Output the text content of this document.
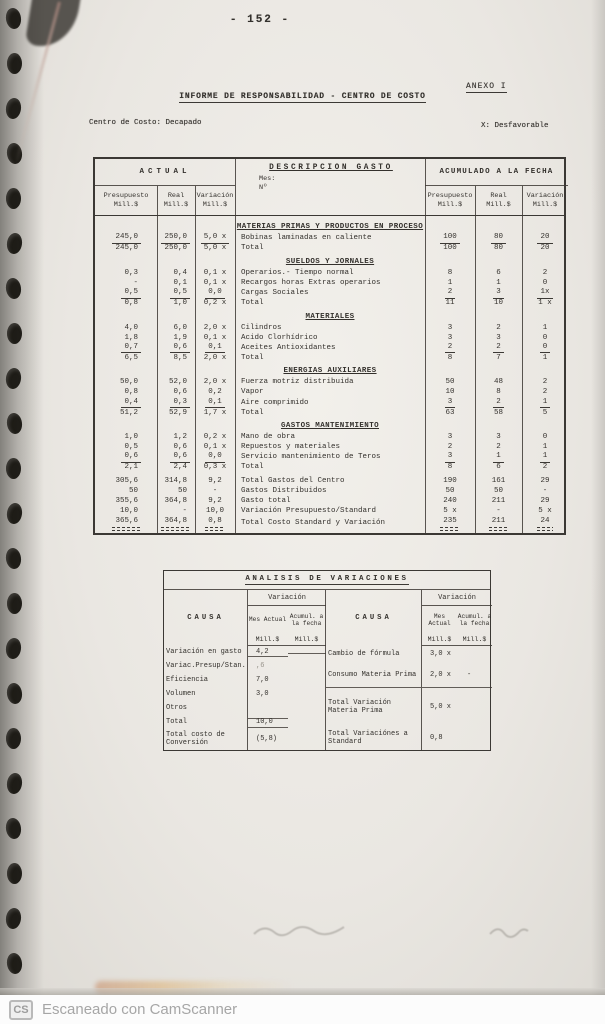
- 152 -
ANEXO I
INFORME DE RESPONSABILIDAD - CENTRO DE COSTO
Centro de Costo: Decapado	X: Desfavorable
ACTUAL
Presupuesto
Mill.$
Real
Mill.$
Variación
Mill.$
DESCRIPCION GASTO
Mes:
Nº
ACUMULADO A LA FECHA
Presupuesto
Mill.$
Real
Mill.$
Variación
Mill.$
MATERIAS PRIMAS Y PRODUCTOS EN PROCESO
245,0	250,0	5,0 x	Bobinas laminadas en caliente	100	80	20
245,0	250,0	5,0 x	Total	100	80	20
SUELDOS Y JORNALES
0,3	0,4	0,1 x	Operarios.- Tiempo normal	8	6	2
-	0,1	0,1 x	Recargos horas Extras operarios	1	1	0
0,5	0,5	0,0	Cargas Sociales	2	3	1x
0,8	1,0	0,2 x	Total	11	10	1 x
MATERIALES
4,0	6,0	2,0 x	Cilindros	3	2	1
1,8	1,9	0,1 x	Acido Clorhídrico	3	3	0
0,7	0,6	0,1	Aceites Antioxidantes	2	2	0
6,5	8,5	2,0 x	Total	8	7	1
ENERGIAS AUXILIARES
50,0	52,0	2,0 x	Fuerza motriz distribuida	50	48	2
0,8	0,6	0,2	Vapor	10	8	2
0,4	0,3	0,1	Aire comprimido	3	2	1
51,2	52,9	1,7 x	Total	63	58	5
GASTOS MANTENIMIENTO
1,0	1,2	0,2 x	Mano de obra	3	3	0
0,5	0,6	0,1 x	Repuestos y materiales	2	2	1
0,6	0,6	0,0	Servicio mantenimiento de Teros	3	1	1
2,1	2,4	0,3 x	Total	8	6	2
305,6	314,8	9,2	Total Gastos del Centro	190	161	29
50	50	-	Gastos Distribuidos	50	50	-
355,6	364,8	9,2	Gasto total	240	211	29
10,0	-	10,0	Variación Presupuesto/Standard	5 x	-	5 x
365,6	364,8	0,8	Total Costo Standard y Variación	235	211	24
ANALISIS DE VARIACIONES
CAUSA
Variación
Mes Actual
Acumul. a la fecha
Mill.$	Mill.$
Variación en gasto	4,2
Variac.Presup/Stan.	,6
Eficiencia	7,0
Volumen	3,0
Otros
Total	10,0
Total costo de Conversión	(5,8)
CAUSA
Variación
Mes Actual
Acumul. a la fecha
Mill.$	Mill.$
Cambio de fórmula	3,0 x
Consumo Materia Prima	2,0 x	-
Total Variación Materia Prima	5,0 x
Total Variaciónes a Standard	0,8
CS Escaneado con CamScanner
